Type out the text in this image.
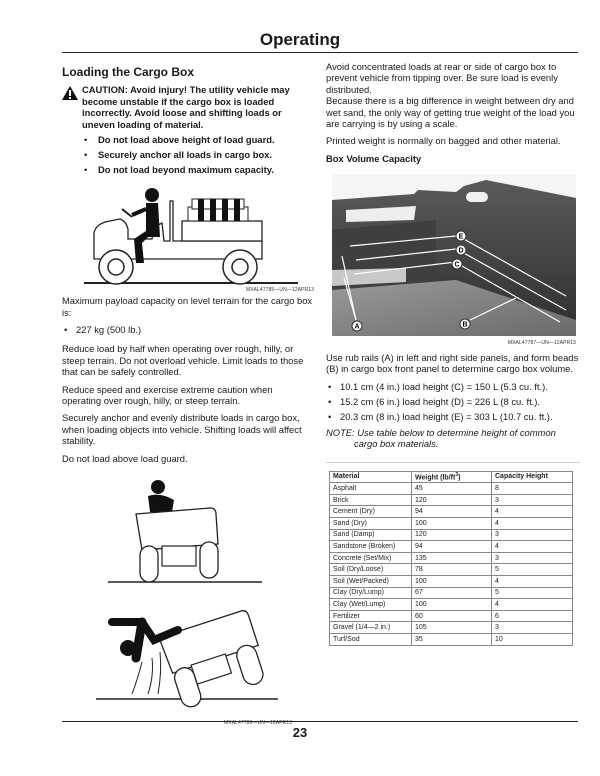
Operating
Loading the Cargo Box
CAUTION: Avoid injury! The utility vehicle may become unstable if the cargo box is loaded incorrectly. Avoid loose and shifting loads or uneven loading of material.
• Do not load above height of load guard.
• Securely anchor all loads in cargo box.
• Do not load beyond maximum capacity.
MXAL47785—UN—12APR13

Maximum payload capacity on level terrain for the cargo box is:

• 227 kg (500 lb.)

Reduce load by half when operating over rough, hilly, or steep terrain. Do not overload vehicle. Limit loads to those that can be safely controlled.

Reduce speed and exercise extreme caution when operating over rough, hilly, or steep terrain.

Securely anchor and evenly distribute loads in cargo box, when loading objects into vehicle. Shifting loads will affect stability.

Do not load above load guard.

MXAL47786—UN—12APR13

Avoid concentrated loads at rear or side of cargo box to prevent vehicle from tipping over. Be sure load is evenly distributed.

Because there is a big difference in weight between dry and wet sand, the only way of getting true weight of the load you are carrying is by using a scale.

Printed weight is normally on bagged and other material.

Box Volume Capacity
E
D
C
A	B
MXAL47787—UN—12APR13

Use rub rails (A) in left and right side panels, and form beads (B) in cargo box front panel to determine cargo box volume.

• 10.1 cm (4 in.) load height (C) = 150 L (5.3 cu. ft.).
• 15.2 cm (6 in.) load height (D) = 226 L (8 cu. ft.).
• 20.3 cm (8 in.) load height (E) = 303 L (10.7 cu. ft.).
NOTE: Use table below to determine height of common
cargo box materials.
Material	Weight $(lb/ft^3)$	Capacity Height
Asphalt	45	8
Brick	120	3
Cement (Dry)	94	4
Sand (Dry)	100	4
Sand (Damp)	120	3
Sandstone (Broken)	94	4
Concrete (Set/Mix)	135	3
Soil (Dry/Loose)	78	5
Soil (Wet/Packed)	100	4
Clay (Dry/Lump)	67	5
Clay (Wet/Lump)	100	4
Fertilizer	60	6
Gravel (1/4—2 in.)	105	3
Turf/Sod	35	10
23
